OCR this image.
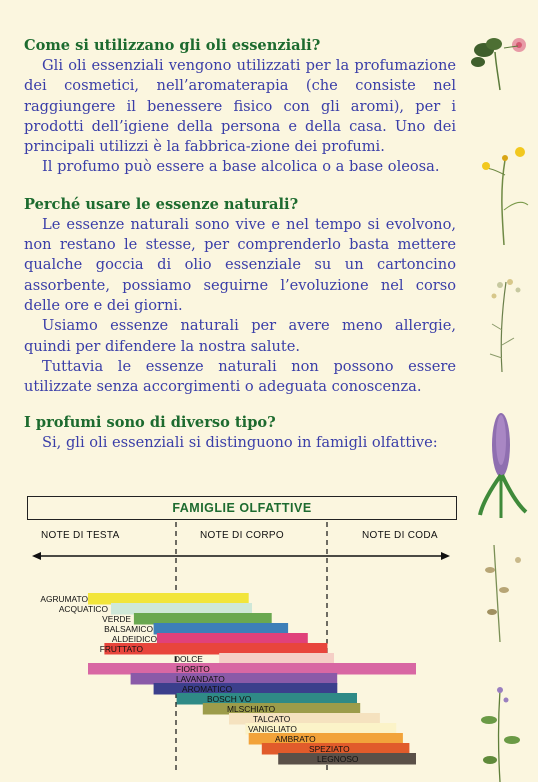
Come si utilizzano gli oli essenziali?

Gli oli essenziali vengono utilizzati per la profumazione dei cosmetici, nell’aromaterapia (che consiste nel raggiungere il benessere fisico con gli aromi), per i prodotti dell’igiene della persona e della casa. Uno dei principali utilizzi è la fabbrica-zione dei profumi.

Il profumo può essere a base alcolica o a base oleosa.

Perché usare le essenze naturali?

Le essenze naturali sono vive e nel tempo si evolvono, non restano le stesse, per comprenderlo basta mettere qualche goccia di olio essenziale su un cartoncino assorbente, possiamo seguirne l’evoluzione nel corso delle ore e dei giorni.

Usiamo essenze naturali per avere meno allergie, quindi per difendere la nostra salute.

Tuttavia le essenze naturali non possono essere utilizzate senza accorgimenti o adeguata conoscenza.

I profumi sono di diverso tipo?

Si, gli oli essenziali si distinguono in famigli olfattive:

FAMIGLIE OLFATTIVE
NOTE DI TESTA	NOTE DI CORPO	NOTE DI CODA
AGRUMATO
ACQUATICO
VERDE
BALSAMICO
ALDEIDICO
FRUTTATO
DOLCE
FIORITO
LAVANDATO
AROMATICO
BOSCH VO
MLSCHIATO
TALCATO
VANIGLIATO
AMBRATO
SPEZIATO
LEGNOSO
